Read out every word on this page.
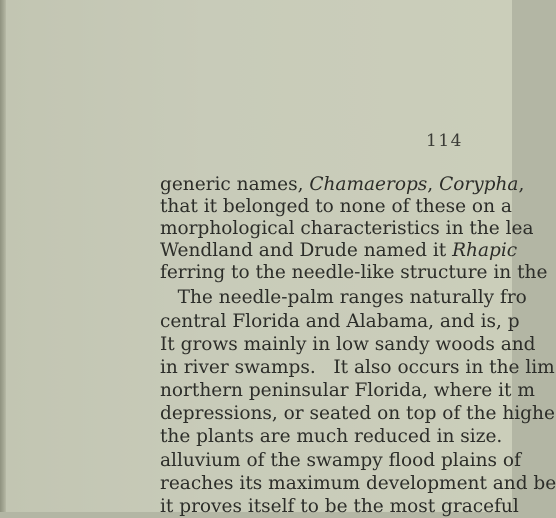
114
generic names, Chamaerops, Corypha,
that it belonged to none of these on a
morphological characteristics in the lea
Wendland and Drude named it Rhapic
ferring to the needle-like structure in the
The needle-palm ranges naturally fro
central Florida and Alabama, and is, p
It grows mainly in low sandy woods and
in river swamps.   It also occurs in the lim
northern peninsular Florida, where it m
depressions, or seated on top of the highe
the plants are much reduced in size.
alluvium of the swampy flood plains of
reaches its maximum development and be
it proves itself to be the most graceful
